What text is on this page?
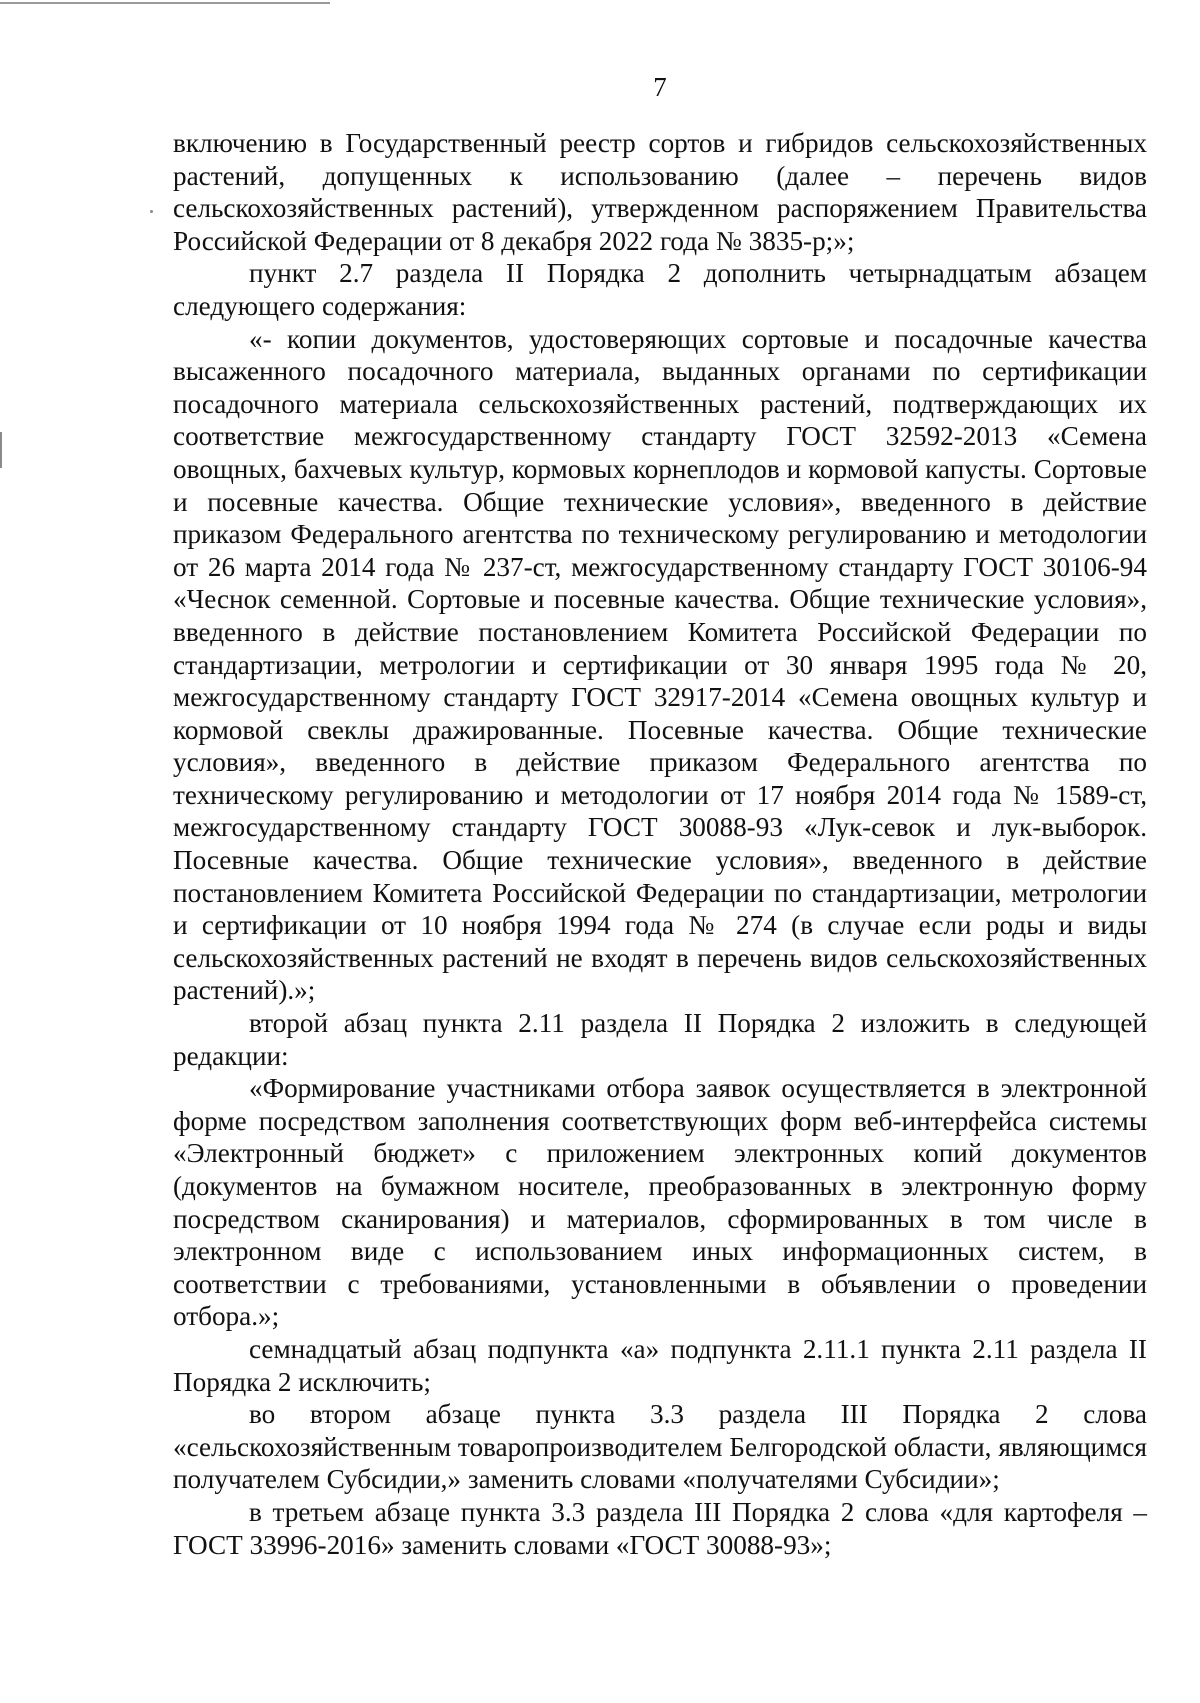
7

включению в Государственный реестр сортов и гибридов сельскохозяйственных растений, допущенных к использованию (далее – перечень видов сельскохозяйственных растений), утвержденном распоряжением Правительства Российской Федерации от 8 декабря 2022 года № 3835-р;»;

пункт 2.7 раздела II Порядка 2 дополнить четырнадцатым абзацем следующего содержания:

«- копии документов, удостоверяющих сортовые и посадочные качества высаженного посадочного материала, выданных органами по сертификации посадочного материала сельскохозяйственных растений, подтверждающих их соответствие межгосударственному стандарту ГОСТ 32592-2013 «Семена овощных, бахчевых культур, кормовых корнеплодов и кормовой капусты. Сортовые и посевные качества. Общие технические условия», введенного в действие приказом Федерального агентства по техническому регулированию и методологии от 26 марта 2014 года № 237-ст, межгосударственному стандарту ГОСТ 30106-94 «Чеснок семенной. Сортовые и посевные качества. Общие технические условия», введенного в действие постановлением Комитета Российской Федерации по стандартизации, метрологии и сертификации от 30 января 1995 года № 20, межгосударственному стандарту ГОСТ 32917-2014 «Семена овощных культур и кормовой свеклы дражированные. Посевные качества. Общие технические условия», введенного в действие приказом Федерального агентства по техническому регулированию и методологии от 17 ноября 2014 года № 1589-ст, межгосударственному стандарту ГОСТ 30088-93 «Лук-севок и лук-выборок. Посевные качества. Общие технические условия», введенного в действие постановлением Комитета Российской Федерации по стандартизации, метрологии и сертификации от 10 ноября 1994 года № 274 (в случае если роды и виды сельскохозяйственных растений не входят в перечень видов сельскохозяйственных растений).»;

второй абзац пункта 2.11 раздела II Порядка 2 изложить в следующей редакции:

«Формирование участниками отбора заявок осуществляется в электронной форме посредством заполнения соответствующих форм веб-интерфейса системы «Электронный бюджет» с приложением электронных копий документов (документов на бумажном носителе, преобразованных в электронную форму посредством сканирования) и материалов, сформированных в том числе в электронном виде с использованием иных информационных систем, в соответствии с требованиями, установленными в объявлении о проведении отбора.»;

семнадцатый абзац подпункта «а» подпункта 2.11.1 пункта 2.11 раздела II Порядка 2 исключить;

во втором абзаце пункта 3.3 раздела III Порядка 2 слова «сельскохозяйственным товаропроизводителем Белгородской области, являющимся получателем Субсидии,» заменить словами «получателями Субсидии»;

в третьем абзаце пункта 3.3 раздела III Порядка 2 слова «для картофеля – ГОСТ 33996-2016» заменить словами «ГОСТ 30088-93»;
